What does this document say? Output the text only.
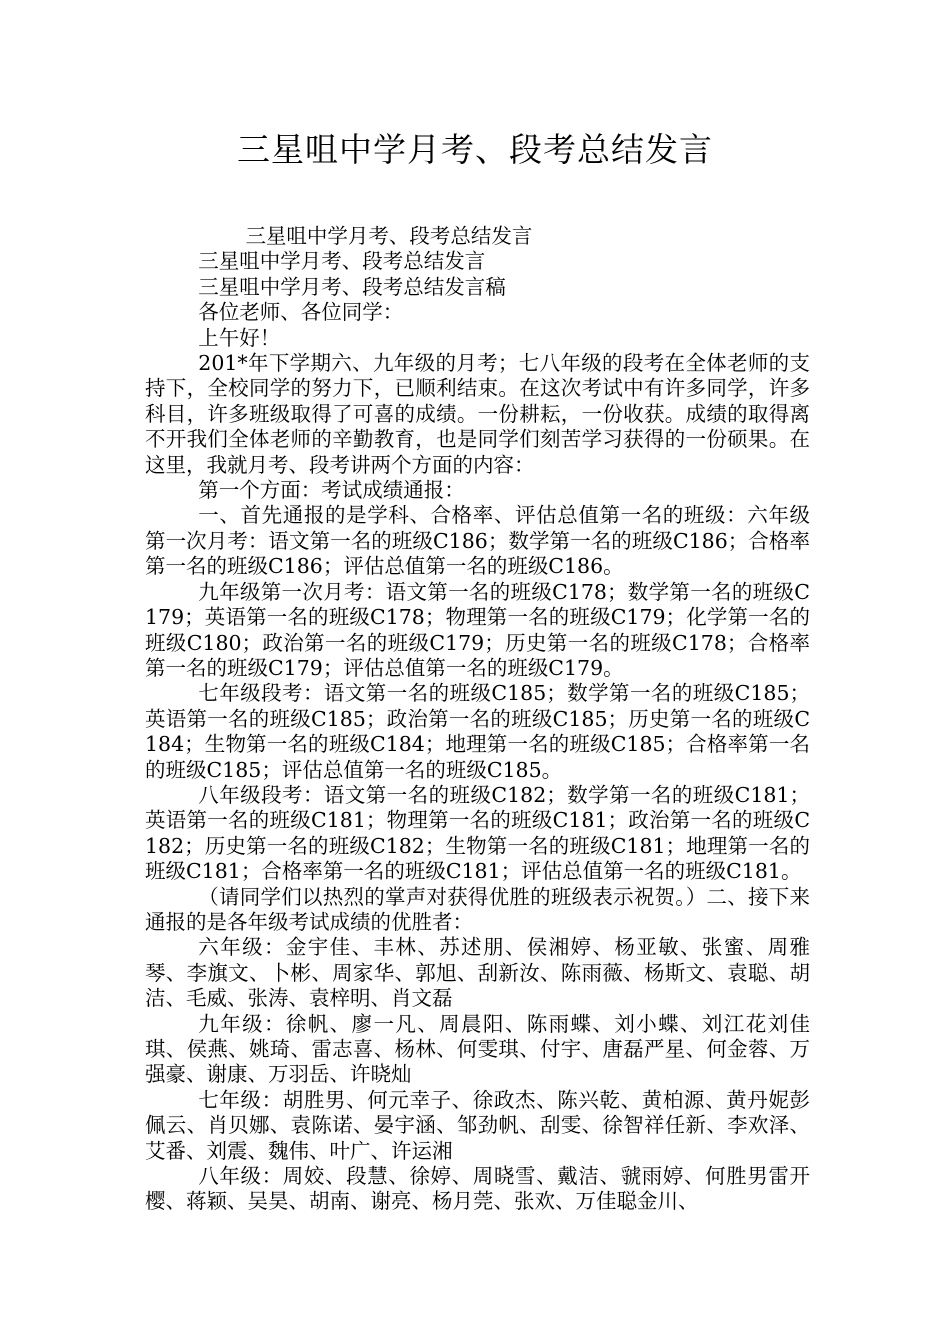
三星咀中学月考、段考总结发言

三星咀中学月考、段考总结发言

三星咀中学月考、段考总结发言

三星咀中学月考、段考总结发言稿

各位老师、各位同学：

上午好！

201*年下学期六、九年级的月考；七八年级的段考在全体老师的支持下，全校同学的努力下，已顺利结束。在这次考试中有许多同学，许多科目，许多班级取得了可喜的成绩。一份耕耘，一份收获。成绩的取得离不开我们全体老师的辛勤教育，也是同学们刻苦学习获得的一份硕果。在这里，我就月考、段考讲两个方面的内容：

第一个方面：考试成绩通报：

一、首先通报的是学科、合格率、评估总值第一名的班级：六年级第一次月考：语文第一名的班级C186；数学第一名的班级C186；合格率第一名的班级C186；评估总值第一名的班级C186。

九年级第一次月考：语文第一名的班级C178；数学第一名的班级C179；英语第一名的班级C178；物理第一名的班级C179；化学第一名的班级C180；政治第一名的班级C179；历史第一名的班级C178；合格率第一名的班级C179；评估总值第一名的班级C179。

七年级段考：语文第一名的班级C185；数学第一名的班级C185；英语第一名的班级C185；政治第一名的班级C185；历史第一名的班级C184；生物第一名的班级C184；地理第一名的班级C185；合格率第一名的班级C185；评估总值第一名的班级C185。

八年级段考：语文第一名的班级C182；数学第一名的班级C181；英语第一名的班级C181；物理第一名的班级C181；政治第一名的班级C182；历史第一名的班级C182；生物第一名的班级C181；地理第一名的班级C181；合格率第一名的班级C181；评估总值第一名的班级C181。

（请同学们以热烈的掌声对获得优胜的班级表示祝贺。）二、接下来通报的是各年级考试成绩的优胜者：

六年级：金宇佳、丰林、苏述朋、侯湘婷、杨亚敏、张蜜、周雅琴、李旗文、卜彬、周家华、郭旭、刮新汝、陈雨薇、杨斯文、袁聪、胡洁、毛威、张涛、袁梓明、肖文磊

九年级：徐帆、廖一凡、周晨阳、陈雨蝶、刘小蝶、刘江花刘佳琪、侯燕、姚琦、雷志喜、杨林、何雯琪、付宇、唐磊严星、何金蓉、万强豪、谢康、万羽岳、许晓灿

七年级：胡胜男、何元幸子、徐政杰、陈兴乾、黄柏源、黄丹妮彭佩云、肖贝娜、袁陈诺、晏宇涵、邹劲帆、刮雯、徐智祥任新、李欢泽、艾番、刘震、魏伟、叶广、许运湘

八年级：周姣、段慧、徐婷、周晓雪、戴洁、虢雨婷、何胜男雷开樱、蒋颖、吴昊、胡南、谢亮、杨月莞、张欢、万佳聪金川、
